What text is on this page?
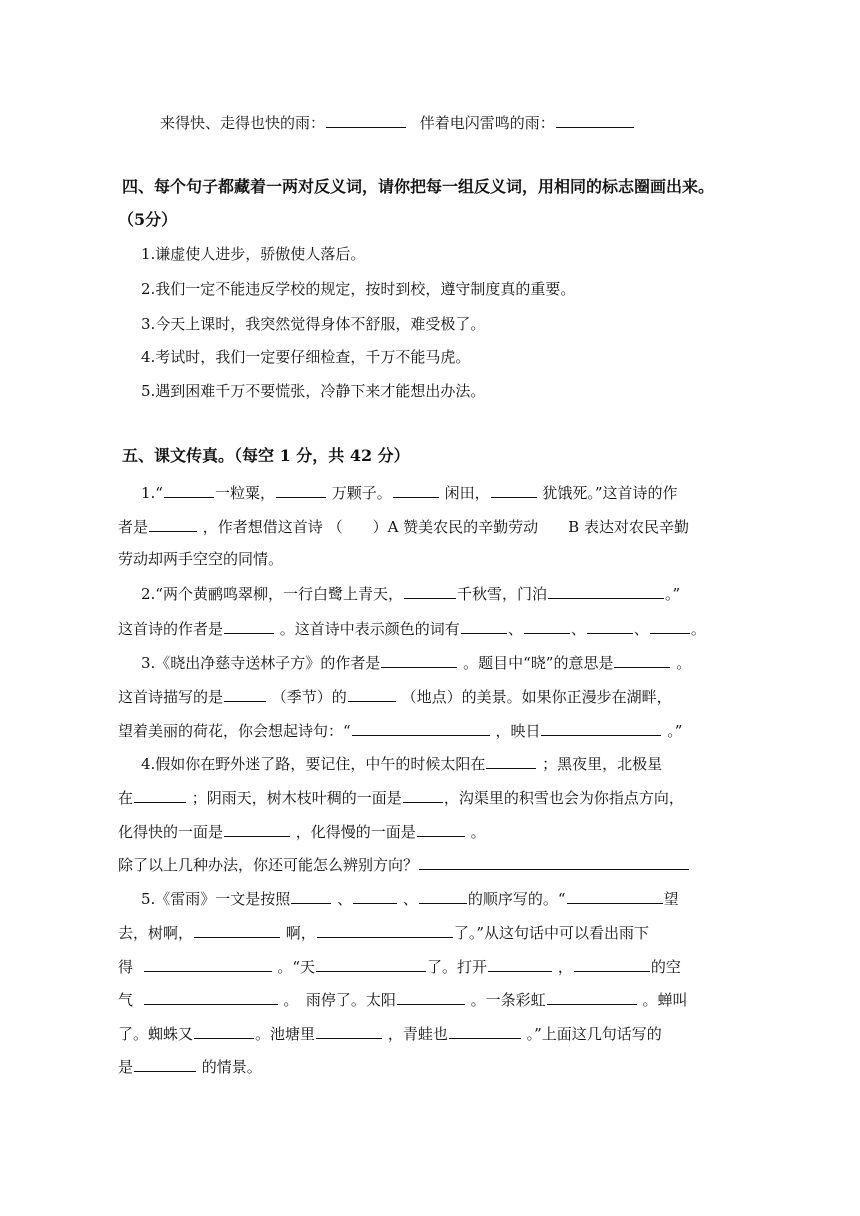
来得快、走得也快的雨：	伴着电闪雷鸣的雨：
四、每个句子都藏着一两对反义词，请你把每一组反义词，用相同的标志圈画出来。
（5分）
1.谦虚使人进步，骄傲使人落后。
2.我们一定不能违反学校的规定，按时到校，遵守制度真的重要。
3.今天上课时，我突然觉得身体不舒服，难受极了。
4.考试时，我们一定要仔细检查，千万不能马虎。
5.遇到困难千万不要慌张，冷静下来才能想出办法。
五、课文传真。（每空 1 分，共 42 分）
1.“	一粒粟，	万颗子。	闲田，	犹饿死。”这首诗的作
者是	，作者想借这首诗 （　　）A 赞美农民的辛勤劳动　　B 表达对农民辛勤
劳动却两手空空的同情。
2.“两个黄鹂鸣翠柳，一行白鹭上青天，	千秋雪，门泊	。”
这首诗的作者是	。这首诗中表示颜色的词有	、	、	、	。
3.《晓出净慈寺送林子方》的作者是	。题目中“晓”的意思是	。
这首诗描写的是	（季节）的	（地点）的美景。如果你正漫步在湖畔，
望着美丽的荷花，你会想起诗句：“	，映日	。”
4.假如你在野外迷了路，要记住，中午的时候太阳在	；黑夜里，北极星
在	；阴雨天，树木枝叶稠的一面是	，沟渠里的积雪也会为你指点方向，
化得快的一面是	，化得慢的一面是	。
除了以上几种办法，你还可能怎么辨别方向？
5.《雷雨》一文是按照	、	、	的顺序写的。“	望
去，树啊，	啊，	了。”从这句话中可以看出雨下
得	。“天	了。打开	，	的空
气	。　雨停了。太阳	。一条彩虹	。蝉叫
了。蜘蛛又	。池塘里	，青蛙也	。”上面这几句话写的
是	的情景。
